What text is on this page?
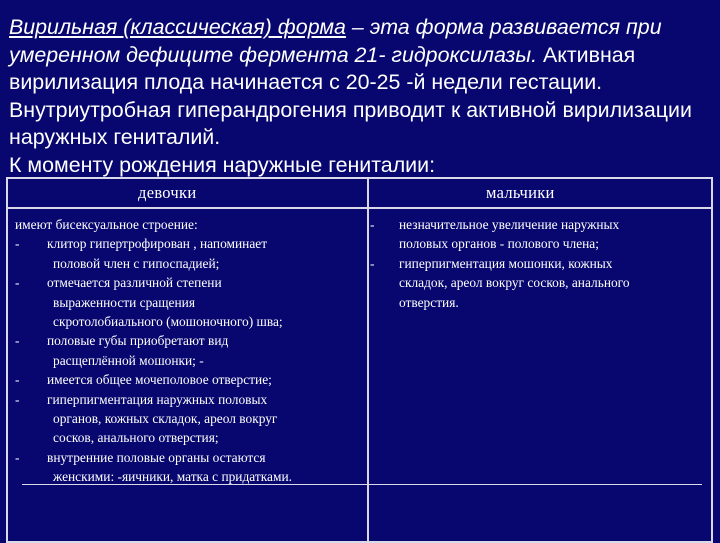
Вирильная (классическая) форма – эта форма развивается при умеренном дефиците фермента 21- гидроксилазы. Активная вирилизация плода начинается с 20-25 -й недели гестации.

Внутриутробная гиперандрогения приводит к активной вирилизации наружных гениталий.

К моменту рождения наружные гениталии:

девочки	мальчики
имеют бисексуальное строение:
- клитор гипертрофирован , напоминает
половой член с гипоспадией;
- отмечается различной степени
выраженности сращения
скротолобиального (мошоночного) шва;
- половые губы приобретают вид
расщеплённой мошонки; -
- имеется общее мочеполовое отверстие;
- гиперпигментация наружных половых
органов, кожных складок, ареол вокруг
сосков, анального отверстия;
- внутренние половые органы остаются
женскими: -яичники, матка с придатками.
- незначительное увеличение наружных
половых органов - полового члена;
- гиперпигментация мошонки, кожных
складок, ареол вокруг сосков, анального
отверстия.
